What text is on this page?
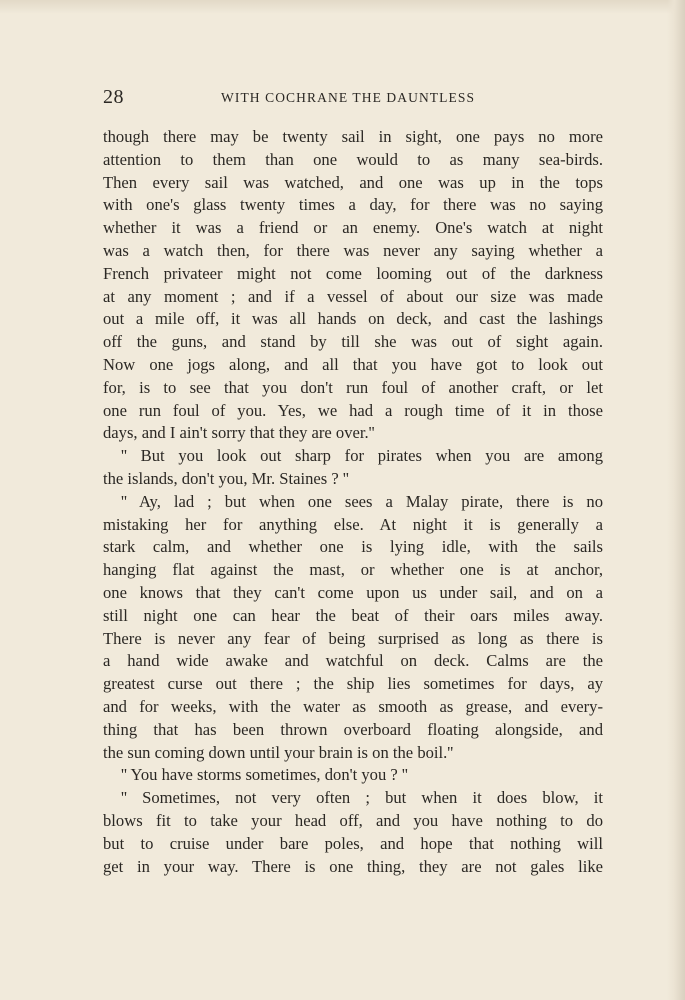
28	WITH COCHRANE THE DAUNTLESS
though there may be twenty sail in sight, one pays no more
attention to them than one would to as many sea-birds.
Then every sail was watched, and one was up in the tops
with one's glass twenty times a day, for there was no saying
whether it was a friend or an enemy. One's watch at night
was a watch then, for there was never any saying whether a
French privateer might not come looming out of the darkness
at any moment ; and if a vessel of about our size was made
out a mile off, it was all hands on deck, and cast the lashings
off the guns, and stand by till she was out of sight again.
Now one jogs along, and all that you have got to look out
for, is to see that you don't run foul of another craft, or let
one run foul of you. Yes, we had a rough time of it in those
days, and I ain't sorry that they are over.''
'' But you look out sharp for pirates when you are among
the islands, don't you, Mr. Staines ? ''
'' Ay, lad ; but when one sees a Malay pirate, there is no
mistaking her for anything else. At night it is generally a
stark calm, and whether one is lying idle, with the sails
hanging flat against the mast, or whether one is at anchor,
one knows that they can't come upon us under sail, and on a
still night one can hear the beat of their oars miles away.
There is never any fear of being surprised as long as there is
a hand wide awake and watchful on deck. Calms are the
greatest curse out there ; the ship lies sometimes for days, ay
and for weeks, with the water as smooth as grease, and every-
thing that has been thrown overboard floating alongside, and
the sun coming down until your brain is on the boil.''
'' You have storms sometimes, don't you ? ''
'' Sometimes, not very often ; but when it does blow, it
blows fit to take your head off, and you have nothing to do
but to cruise under bare poles, and hope that nothing will
get in your way. There is one thing, they are not gales like
